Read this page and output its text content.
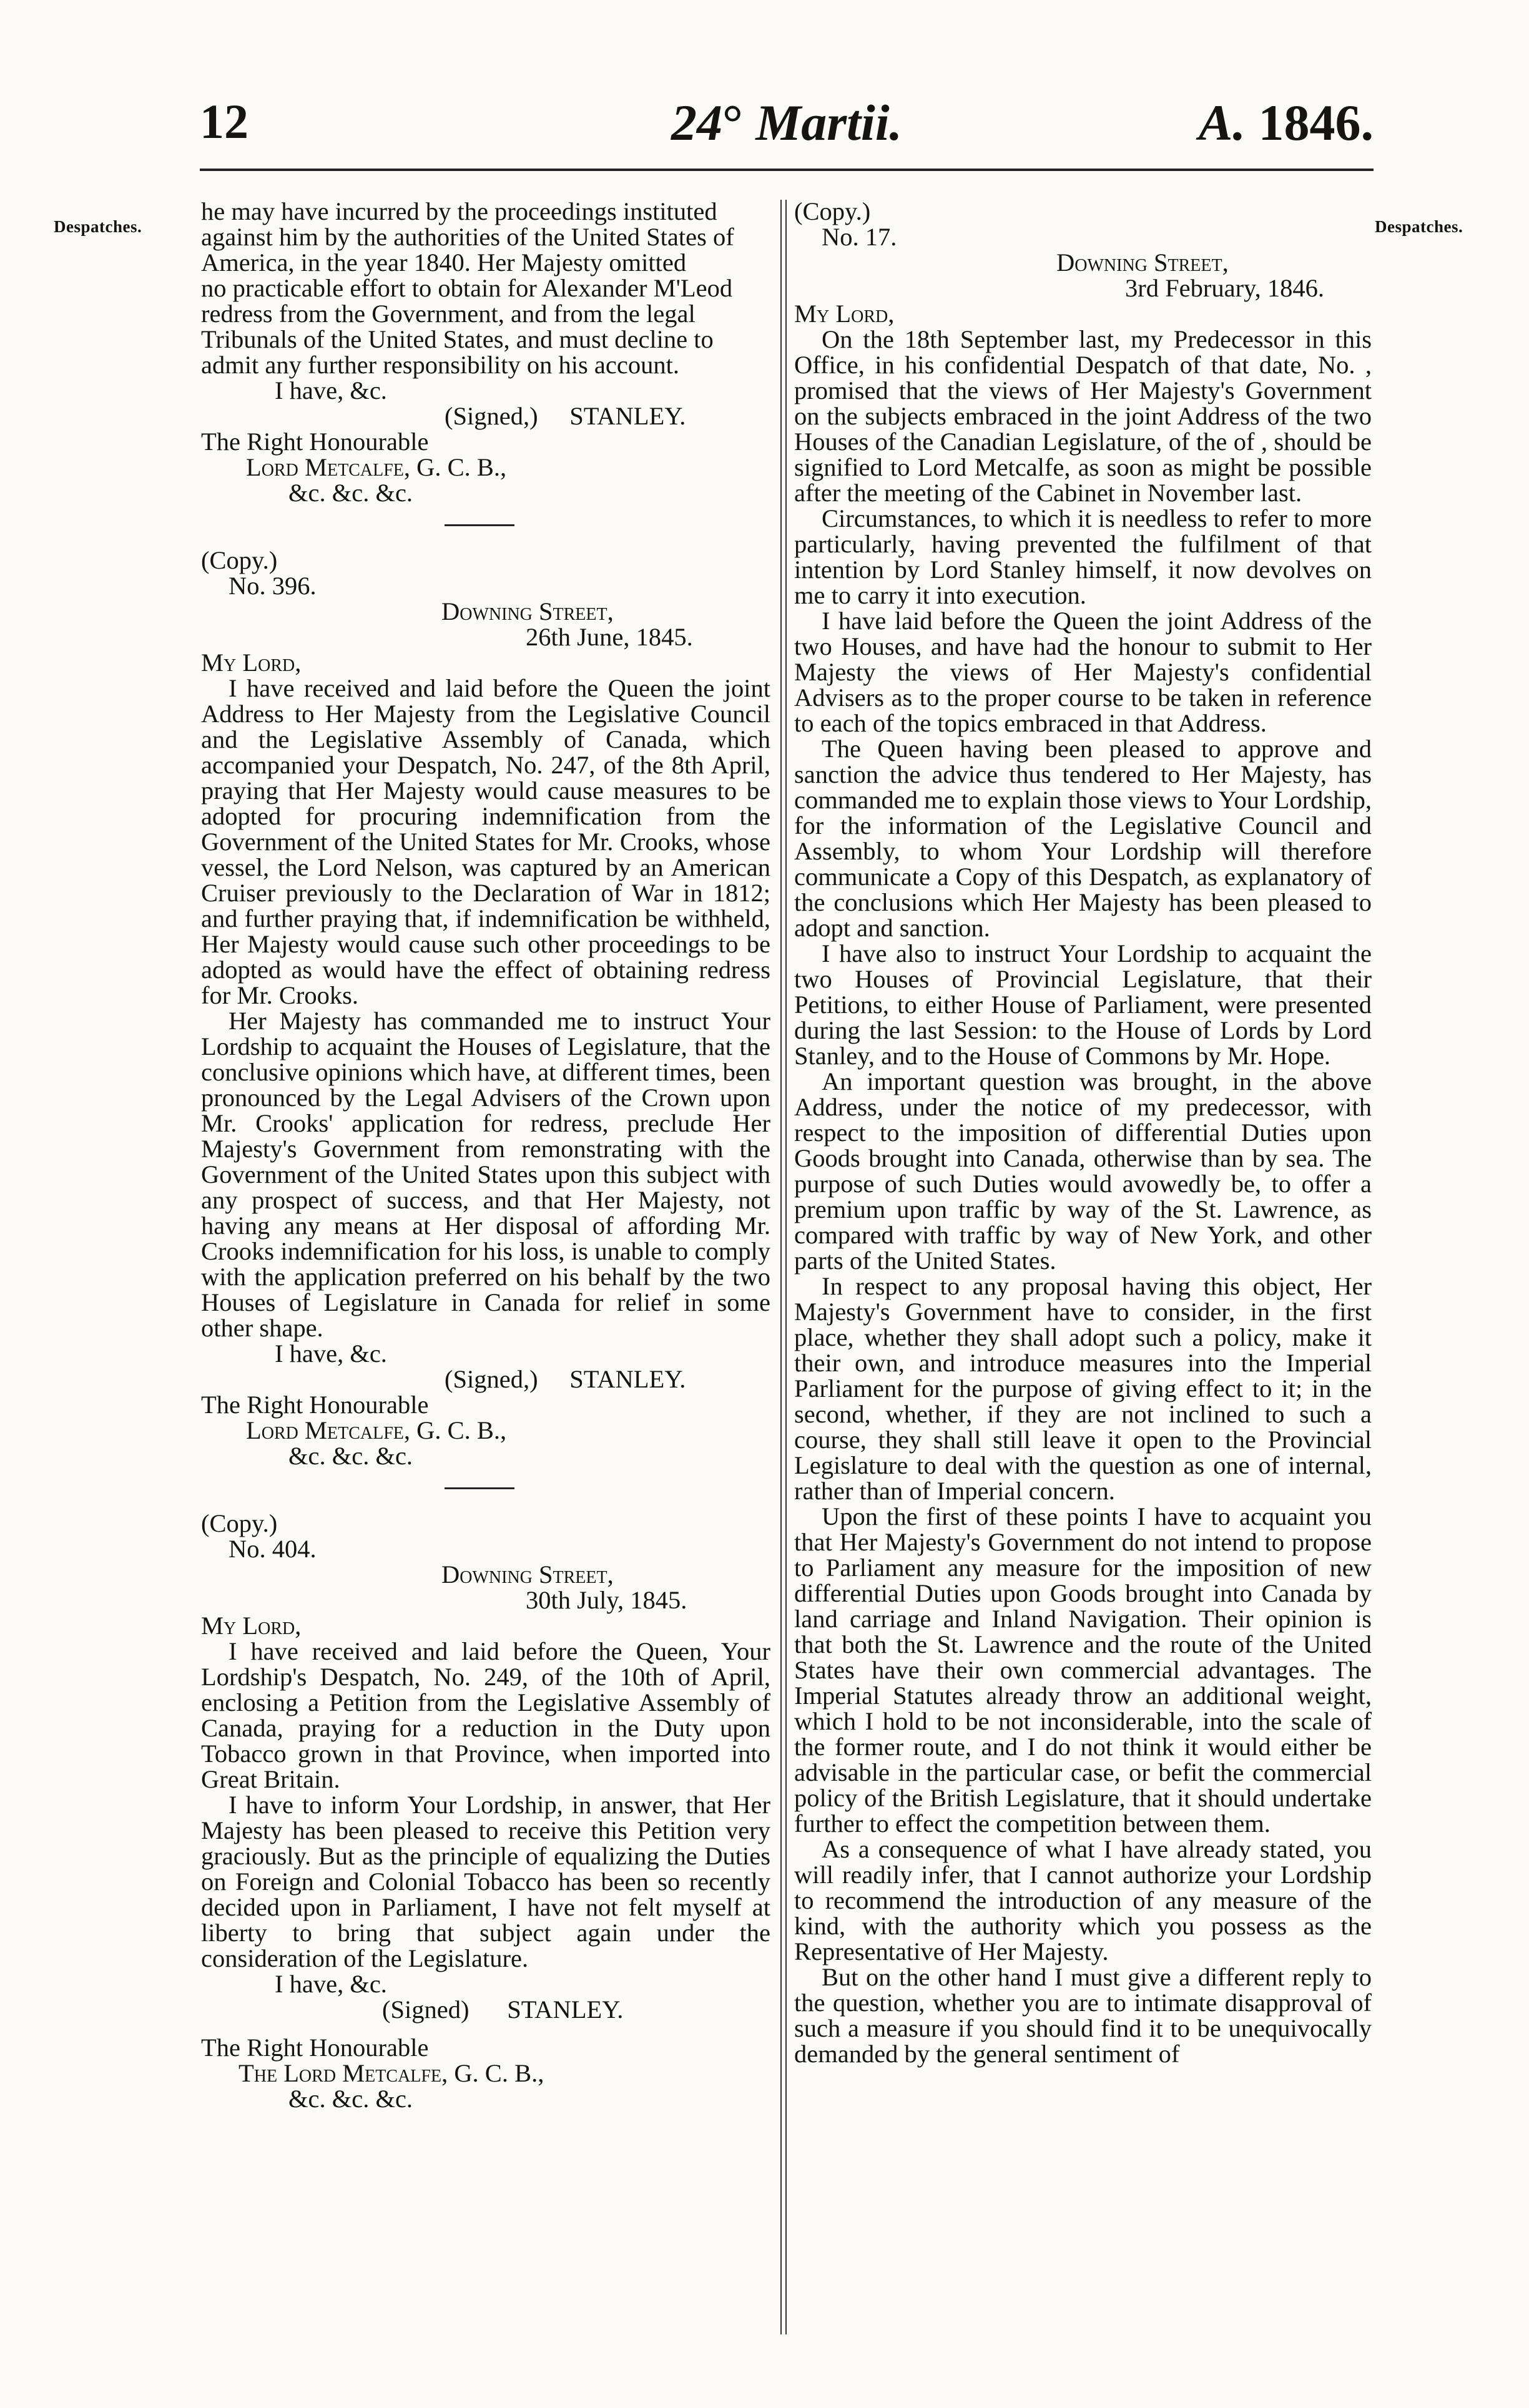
12	24° Martii.	A. 1846.
Despatches.	Despatches.
he may have incurred by the proceedings instituted
against him by the authorities of the United States of
America, in the year 1840. Her Majesty omitted
no practicable effort to obtain for Alexander M'Leod
redress from the Government, and from the legal
Tribunals of the United States, and must decline to
admit any further responsibility on his account.
I have, &c.
(Signed,) STANLEY.
The Right Honourable
Lord Metcalfe, G. C. B.,
&c. &c. &c.
(Copy.)
No. 396.
Downing Street,
26th June, 1845.
My Lord,

I have received and laid before the Queen the joint Address to Her Majesty from the Legislative Council and the Legislative Assembly of Canada, which accompanied your Despatch, No. 247, of the 8th April, praying that Her Majesty would cause measures to be adopted for procuring indemnification from the Government of the United States for Mr. Crooks, whose vessel, the Lord Nelson, was captured by an American Cruiser previously to the Declaration of War in 1812; and further praying that, if indemnification be withheld, Her Majesty would cause such other proceedings to be adopted as would have the effect of obtaining redress for Mr. Crooks.

Her Majesty has commanded me to instruct Your Lordship to acquaint the Houses of Legislature, that the conclusive opinions which have, at different times, been pronounced by the Legal Advisers of the Crown upon Mr. Crooks' application for redress, preclude Her Majesty's Government from remonstrating with the Government of the United States upon this subject with any prospect of success, and that Her Majesty, not having any means at Her disposal of affording Mr. Crooks indemnification for his loss, is unable to comply with the application preferred on his behalf by the two Houses of Legislature in Canada for relief in some other shape.

I have, &c.
(Signed,) STANLEY.
The Right Honourable
Lord Metcalfe, G. C. B.,
&c. &c. &c.
(Copy.)
No. 404.
Downing Street,
30th July, 1845.
My Lord,

I have received and laid before the Queen, Your Lordship's Despatch, No. 249, of the 10th of April, enclosing a Petition from the Legislative Assembly of Canada, praying for a reduction in the Duty upon Tobacco grown in that Province, when imported into Great Britain.

I have to inform Your Lordship, in answer, that Her Majesty has been pleased to receive this Petition very graciously. But as the principle of equalizing the Duties on Foreign and Colonial Tobacco has been so recently decided upon in Parliament, I have not felt myself at liberty to bring that subject again under the consideration of the Legislature.

I have, &c.
(Signed) STANLEY.
The Right Honourable
The Lord Metcalfe, G. C. B.,
&c. &c. &c.
(Copy.)
No. 17.
Downing Street,
3rd February, 1846.
My Lord,

On the 18th September last, my Predecessor in this Office, in his confidential Despatch of that date, No. , promised that the views of Her Majesty's Government on the subjects embraced in the joint Address of the two Houses of the Canadian Legislature, of the of , should be signified to Lord Metcalfe, as soon as might be possible after the meeting of the Cabinet in November last.

Circumstances, to which it is needless to refer to more particularly, having prevented the fulfilment of that intention by Lord Stanley himself, it now devolves on me to carry it into execution.

I have laid before the Queen the joint Address of the two Houses, and have had the honour to submit to Her Majesty the views of Her Majesty's confidential Advisers as to the proper course to be taken in reference to each of the topics embraced in that Address.

The Queen having been pleased to approve and sanction the advice thus tendered to Her Majesty, has commanded me to explain those views to Your Lordship, for the information of the Legislative Council and Assembly, to whom Your Lordship will therefore communicate a Copy of this Despatch, as explanatory of the conclusions which Her Majesty has been pleased to adopt and sanction.

I have also to instruct Your Lordship to acquaint the two Houses of Provincial Legislature, that their Petitions, to either House of Parliament, were presented during the last Session: to the House of Lords by Lord Stanley, and to the House of Commons by Mr. Hope.

An important question was brought, in the above Address, under the notice of my predecessor, with respect to the imposition of differential Duties upon Goods brought into Canada, otherwise than by sea. The purpose of such Duties would avowedly be, to offer a premium upon traffic by way of the St. Lawrence, as compared with traffic by way of New York, and other parts of the United States.

In respect to any proposal having this object, Her Majesty's Government have to consider, in the first place, whether they shall adopt such a policy, make it their own, and introduce measures into the Imperial Parliament for the purpose of giving effect to it; in the second, whether, if they are not inclined to such a course, they shall still leave it open to the Provincial Legislature to deal with the question as one of internal, rather than of Imperial concern.

Upon the first of these points I have to acquaint you that Her Majesty's Government do not intend to propose to Parliament any measure for the imposition of new differential Duties upon Goods brought into Canada by land carriage and Inland Navigation. Their opinion is that both the St. Lawrence and the route of the United States have their own commercial advantages. The Imperial Statutes already throw an additional weight, which I hold to be not inconsiderable, into the scale of the former route, and I do not think it would either be advisable in the particular case, or befit the commercial policy of the British Legislature, that it should undertake further to effect the competition between them.

As a consequence of what I have already stated, you will readily infer, that I cannot authorize your Lordship to recommend the introduction of any measure of the kind, with the authority which you possess as the Representative of Her Majesty.

But on the other hand I must give a different reply to the question, whether you are to intimate disapproval of such a measure if you should find it to be unequivocally demanded by the general sentiment of
